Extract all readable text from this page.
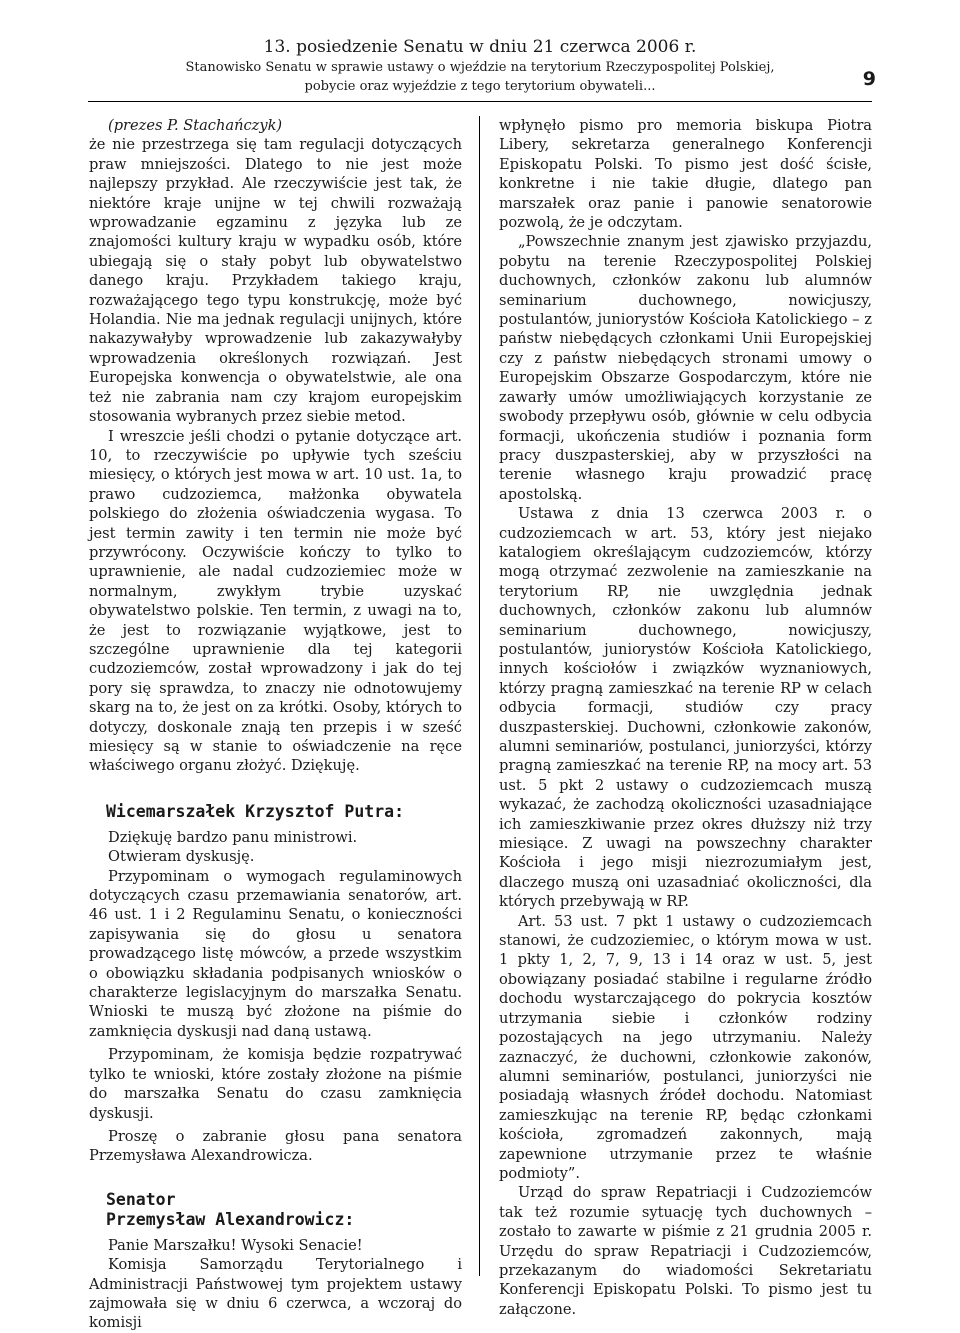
13. posiedzenie Senatu w dniu 21 czerwca 2006 r.
Stanowisko Senatu w sprawie ustawy o wjeździe na terytorium Rzeczypospolitej Polskiej,
pobycie oraz wyjeździe z tego terytorium obywateli...	9

(prezes P. Stachańczyk)

że nie przestrzega się tam regulacji dotyczących praw mniejszości. Dlatego to nie jest może najlepszy przykład. Ale rzeczywiście jest tak, że niektóre kraje unijne w tej chwili rozważają wprowadzanie egzaminu z języka lub ze znajomości kultury kraju w wypadku osób, które ubiegają się o stały pobyt lub obywatelstwo danego kraju. Przykładem takiego kraju, rozważającego tego typu konstrukcję, może być Holandia. Nie ma jednak regulacji unijnych, które nakazywałyby wprowadzenie lub zakazywałyby wprowadzenia określonych rozwiązań. Jest Europejska konwencja o obywatelstwie, ale ona też nie zabrania nam czy krajom europejskim stosowania wybranych przez siebie metod.

I wreszcie jeśli chodzi o pytanie dotyczące art. 10, to rzeczywiście po upływie tych sześciu miesięcy, o których jest mowa w art. 10 ust. 1a, to prawo cudzoziemca, małżonka obywatela polskiego do złożenia oświadczenia wygasa. To jest termin zawity i ten termin nie może być przywrócony. Oczywiście kończy to tylko to uprawnienie, ale nadal cudzoziemiec może w normalnym, zwykłym trybie uzyskać obywatelstwo polskie. Ten termin, z uwagi na to, że jest to rozwiązanie wyjątkowe, jest to szczególne uprawnienie dla tej kategorii cudzoziemców, został wprowadzony i jak do tej pory się sprawdza, to znaczy nie odnotowujemy skarg na to, że jest on za krótki. Osoby, których to dotyczy, doskonale znają ten przepis i w sześć miesięcy są w stanie to oświadczenie na ręce właściwego organu złożyć. Dziękuję.

Wicemarszałek Krzysztof Putra:

Dziękuję bardzo panu ministrowi.

Otwieram dyskusję.

Przypominam o wymogach regulaminowych dotyczących czasu przemawiania senatorów, art. 46 ust. 1 i 2 Regulaminu Senatu, o konieczności zapisywania się do głosu u senatora prowadzącego listę mówców, a przede wszystkim o obowiązku składania podpisanych wniosków o charakterze legislacyjnym do marszałka Senatu. Wnioski te muszą być złożone na piśmie do zamknięcia dyskusji nad daną ustawą.

Przypominam, że komisja będzie rozpatrywać tylko te wnioski, które zostały złożone na piśmie do marszałka Senatu do czasu zamknięcia dyskusji.

Proszę o zabranie głosu pana senatora Przemysława Alexandrowicza.

Senator
Przemysław Alexandrowicz:

Panie Marszałku! Wysoki Senacie!

Komisja Samorządu Terytorialnego i Administracji Państwowej tym projektem ustawy zajmowała się w dniu 6 czerwca, a wczoraj do komisji

wpłynęło pismo pro memoria biskupa Piotra Libery, sekretarza generalnego Konferencji Episkopatu Polski. To pismo jest dość ścisłe, konkretne i nie takie długie, dlatego pan marszałek oraz panie i panowie senatorowie pozwolą, że je odczytam.

„Powszechnie znanym jest zjawisko przyjazdu, pobytu na terenie Rzeczypospolitej Polskiej duchownych, członków zakonu lub alumnów seminarium duchownego, nowicjuszy, postulantów, juniorystów Kościoła Katolickiego – z państw niebędących członkami Unii Europejskiej czy z państw niebędących stronami umowy o Europejskim Obszarze Gospodarczym, które nie zawarły umów umożliwiających korzystanie ze swobody przepływu osób, głównie w celu odbycia formacji, ukończenia studiów i poznania form pracy duszpasterskiej, aby w przyszłości na terenie własnego kraju prowadzić pracę apostolską.

Ustawa z dnia 13 czerwca 2003 r. o cudzoziemcach w art. 53, który jest niejako katalogiem określającym cudzoziemców, którzy mogą otrzymać zezwolenie na zamieszkanie na terytorium RP, nie uwzględnia jednak duchownych, członków zakonu lub alumnów seminarium duchownego, nowicjuszy, postulantów, juniorystów Kościoła Katolickiego, innych kościołów i związków wyznaniowych, którzy pragną zamieszkać na terenie RP w celach odbycia formacji, studiów czy pracy duszpasterskiej. Duchowni, członkowie zakonów, alumni seminariów, postulanci, juniorzyści, którzy pragną zamieszkać na terenie RP, na mocy art. 53 ust. 5 pkt 2 ustawy o cudzoziemcach muszą wykazać, że zachodzą okoliczności uzasadniające ich zamieszkiwanie przez okres dłuższy niż trzy miesiące. Z uwagi na powszechny charakter Kościoła i jego misji niezrozumiałym jest, dlaczego muszą oni uzasadniać okoliczności, dla których przebywają w RP.

Art. 53 ust. 7 pkt 1 ustawy o cudzoziemcach stanowi, że cudzoziemiec, o którym mowa w ust. 1 pkty 1, 2, 7, 9, 13 i 14 oraz w ust. 5, jest obowiązany posiadać stabilne i regularne źródło dochodu wystarczającego do pokrycia kosztów utrzymania siebie i członków rodziny pozostających na jego utrzymaniu. Należy zaznaczyć, że duchowni, członkowie zakonów, alumni seminariów, postulanci, juniorzyści nie posiadają własnych źródeł dochodu. Natomiast zamieszkując na terenie RP, będąc członkami kościoła, zgromadzeń zakonnych, mają zapewnione utrzymanie przez te właśnie podmioty”.

Urząd do spraw Repatriacji i Cudzoziemców tak też rozumie sytuację tych duchownych – zostało to zawarte w piśmie z 21 grudnia 2005 r. Urzędu do spraw Repatriacji i Cudzoziemców, przekazanym do wiadomości Sekretariatu Konferencji Episkopatu Polski. To pismo jest tu załączone.
